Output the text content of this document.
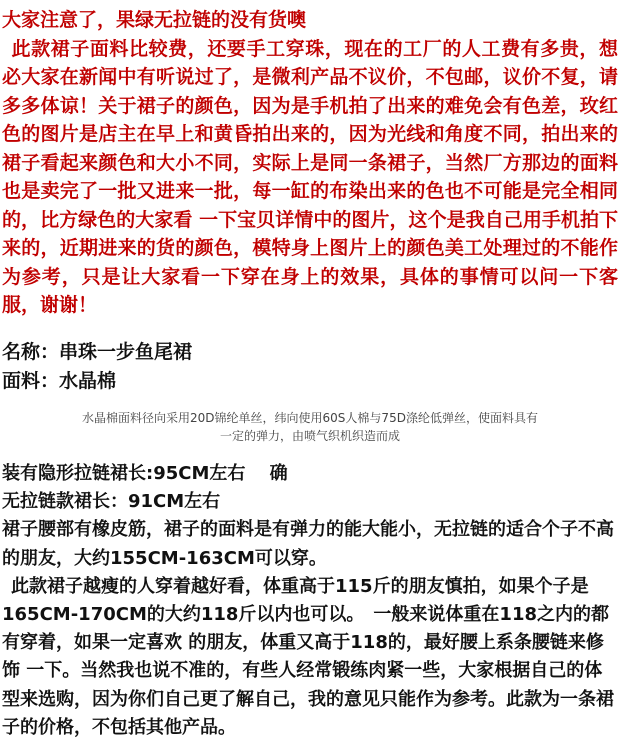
大家注意了，果绿无拉链的没有货噢
此款裙子面料比较费，还要手工穿珠，现在的工厂的人工费有多贵，想必大家在新闻中有听说过了，是微利产品不议价，不包邮，议价不复，请多多体谅！关于裙子的颜色，因为是手机拍了出来的难免会有色差，玫红色的图片是店主在早上和黄昏拍出来的，因为光线和角度不同，拍出来的裙子看起来颜色和大小不同，实际上是同一条裙子，当然厂方那边的面料也是卖完了一批又进来一批，每一缸的布染出来的色也不可能是完全相同的，比方绿色的大家看 一下宝贝详情中的图片，这个是我自己用手机拍下来的，近期进来的货的颜色，模特身上图片上的颜色美工处理过的不能作为参考，只是让大家看一下穿在身上的效果，具体的事情可以问一下客服，谢谢！

名称：串珠一步鱼尾裙

面料：水晶棉

水晶棉面料径向采用20D锦纶单丝，纬向使用60S人棉与75D涤纶低弹丝，使面料具有
一定的弹力，由喷气织机织造而成

装有隐形拉链裙长:95CM左右　 确

无拉链款裙长：91CM左右

裙子腰部有橡皮筋，裙子的面料是有弹力的能大能小，无拉链的适合个子不高的朋友，大约155CM-163CM可以穿。

此款裙子越瘦的人穿着越好看，体重高于115斤的朋友慎拍，如果个子是165CM-170CM的大约118斤以内也可以。　一般来说体重在118之内的都有穿着，如果一定喜欢 的朋友，体重又高于118的，最好腰上系条腰链来修饰 一下。当然我也说不准的，有些人经常锻练肉紧一些，大家根据自己的体型来选购，因为你们自己更了解自己，我的意见只能作为参考。此款为一条裙子的价格，不包括其他产品。
